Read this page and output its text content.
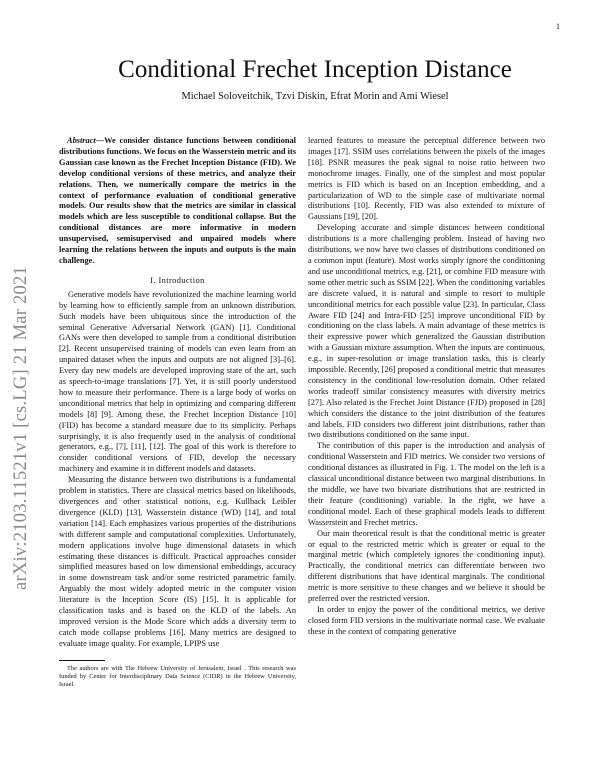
1
arXiv:2103.11521v1 [cs.LG] 21 Mar 2021
Conditional Frechet Inception Distance
Michael Soloveitchik, Tzvi Diskin, Efrat Morin and Ami Wiesel

Abstract—We consider distance functions between conditional distributions functions. We focus on the Wasserstein metric and its Gaussian case known as the Frechet Inception Distance (FID). We develop conditional versions of these metrics, and analyze their relations. Then, we numerically compare the metrics in the context of performance evaluation of conditional generative models. Our results show that the metrics are similar in classical models which are less susceptible to conditional collapse. But the conditional distances are more informative in modern unsupervised, semisupervised and unpaired models where learning the relations between the inputs and outputs is the main challenge.

I. Introduction

Generative models have revolutionized the machine learning world by learning how to efficiently sample from an unknown distribution. Such models have been ubiquitous since the introduction of the seminal Generative Adversarial Network (GAN) [1]. Conditional GANs were then developed to sample from a conditional distribution [2]. Recent unsupervised training of models can even learn from an unpaired dataset when the inputs and outputs are not aligned [3]–[6]. Every day new models are developed improving state of the art, such as speech-to-image translations [7]. Yet, it is still poorly understood how to measure their performance. There is a large body of works on unconditional metrics that help in optimizing and comparing different models [8] [9]. Among these, the Frechet Inception Distance [10] (FID) has become a standard measure due to its simplicity. Perhaps surprisingly, it is also frequently used in the analysis of conditional generators, e.g., [7], [11], [12]. The goal of this work is therefore to consider conditional versions of FID, develop the necessary machinery and examine it in different models and datasets.

Measuring the distance between two distributions is a fundamental problem in statistics. There are classical metrics based on likelihoods, divergences and other statistical notions, e.g. Kullback Leibler divergence (KLD) [13], Wasserstein distance (WD) [14], and total variation [14]. Each emphasizes various properties of the distributions with different sample and computational complexities. Unfortunately, modern applications involve huge dimensional datasets in which estimating these distances is difficult. Practical approaches consider simplified measures based on low dimensional embeddings, accuracy in some downstream task and/or some restricted parametric family. Arguably the most widely adopted metric in the computer vision literature is the Inception Score (IS) [15]. It is applicable for classification tasks and is based on the KLD of the labels. An improved version is the Mode Score which adds a diversity term to catch mode collapse problems [16]. Many metrics are designed to evaluate image quality. For example, LPIPS use

The authors are with The Hebrew University of Jerusalem, Israel . This research was funded by Center for Interdisciplinary Data Science (CIDR) in the Hebrew University, Israel.

learned features to measure the perceptual difference between two images [17]. SSIM uses correlations between the pixels of the images [18]. PSNR measures the peak signal to noise ratio between two monochrome images. Finally, one of the simplest and most popular metrics is FID which is based on an Inception embedding, and a particularization of WD to the simple case of multivariate normal distributions [10]. Recently, FID was also extended to mixture of Gaussians [19], [20].

Developing accurate and simple distances between conditional distributions is a more challenging problem. Instead of having two distributions, we now have two classes of distributions conditioned on a common input (feature). Most works simply ignore the conditioning and use unconditional metrics, e.g. [21], or combine FID measure with some other metric such as SSIM [22]. When the conditioning variables are discrete valued, it is natural and simple to resort to multiple unconditional metrics for each possible value [23]. In particular, Class Aware FID [24] and Intra-FID [25] improve unconditional FID by conditioning on the class labels. A main advantage of these metrics is their expressive power which generalized the Gaussian distribution with a Gaussian mixture assumption. When the inputs are continuous, e.g., in super-resolution or image translation tasks, this is clearly impossible. Recently, [26] proposed a conditional metric that measures consistency in the conditional low-resolution domain. Other related works tradeoff similar consistency measures with diversity metrics [27]. Also related is the Frechet Joint Distance (FJD) proposed in [28] which considers the distance to the joint distribution of the features and labels. FJD considers two different joint distributions, rather than two distributions conditioned on the same input.

The contribution of this paper is the introduction and analysis of conditional Wasserstein and FID metrics. We consider two versions of conditional distances as illustrated in Fig. 1. The model on the left is a classical unconditional distance between two marginal distributions. In the middle, we have two bivariate distributions that are restricted in their feature (conditioning) variable. In the right, we have a conditional model. Each of these graphical models leads to different Wasserstein and Frechet metrics.

Our main theoretical result is that the conditional metric is greater or equal to the restricted metric which is greater or equal to the marginal metric (which completely ignores the conditioning input). Practically, the conditional metrics can differentiate between two different distributions that have identical marginals. The conditional metric is more sensitive to these changes and we believe it should be preferred over the restricted version.

In order to enjoy the power of the conditional metrics, we derive closed form FID versions in the multivariate normal case. We evaluate these in the context of comparing generative
